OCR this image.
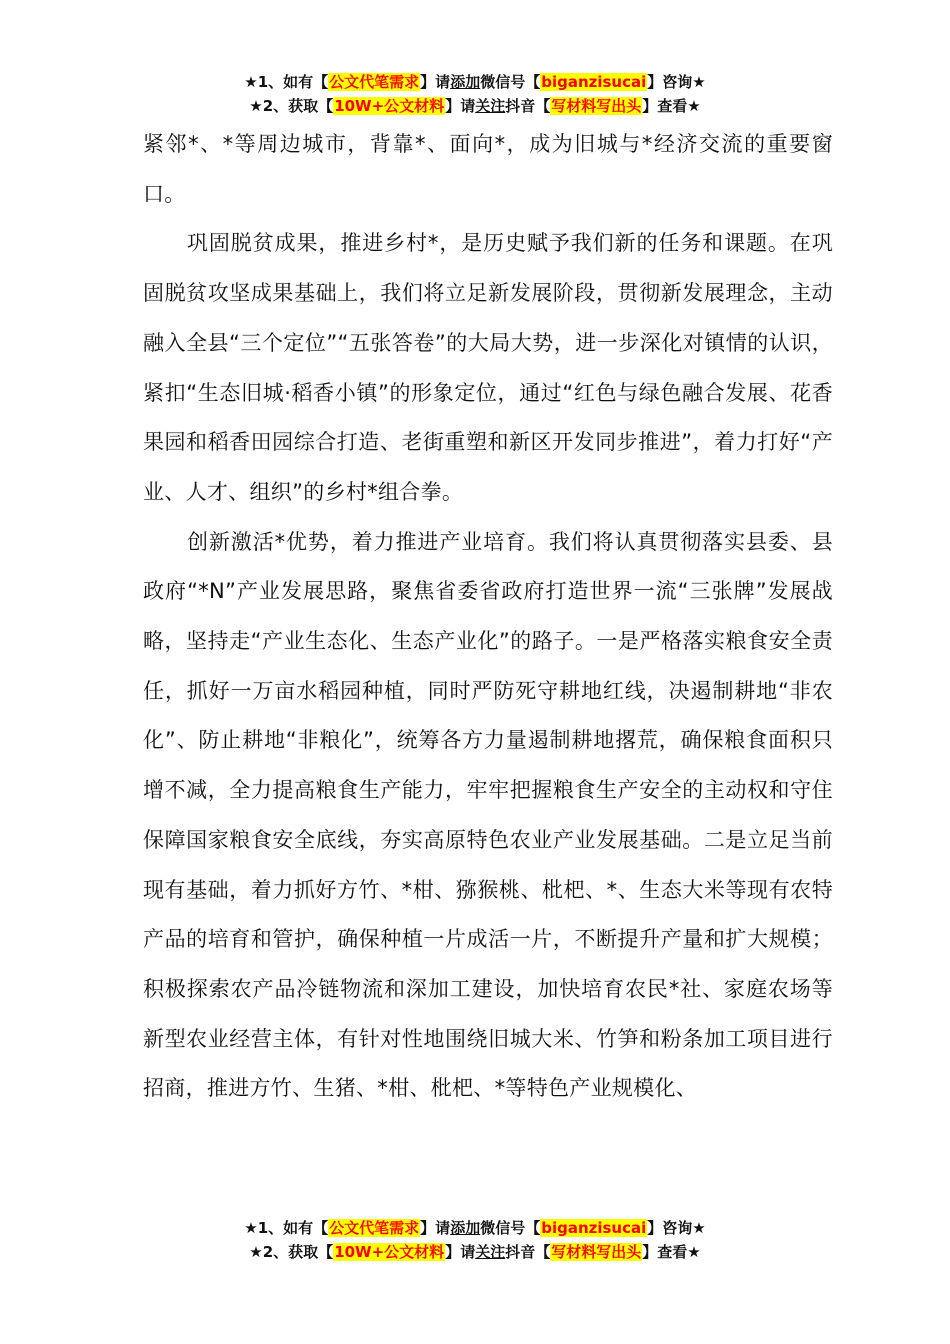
★1、如有【公文代笔需求】请添加微信号【biganzisucai】咨询★
★2、获取【10W+公文材料】请关注抖音【写材料写出头】查看★

紧邻*、*等周边城市，背靠*、面向*，成为旧城与*经济交流的重要窗口。

巩固脱贫成果，推进乡村*，是历史赋予我们新的任务和课题。在巩固脱贫攻坚成果基础上，我们将立足新发展阶段，贯彻新发展理念，主动融入全县“三个定位”“五张答卷”的大局大势，进一步深化对镇情的认识，紧扣“生态旧城·稻香小镇”的形象定位，通过“红色与绿色融合发展、花香果园和稻香田园综合打造、老街重塑和新区开发同步推进”，着力打好“产业、人才、组织”的乡村*组合拳。

创新激活*优势，着力推进产业培育。我们将认真贯彻落实县委、县政府“*N”产业发展思路，聚焦省委省政府打造世界一流“三张牌”发展战略，坚持走“产业生态化、生态产业化”的路子。一是严格落实粮食安全责任，抓好一万亩水稻园种植，同时严防死守耕地红线，决遏制耕地“非农化”、防止耕地“非粮化”，统筹各方力量遏制耕地撂荒，确保粮食面积只增不减，全力提高粮食生产能力，牢牢把握粮食生产安全的主动权和守住保障国家粮食安全底线，夯实高原特色农业产业发展基础。二是立足当前现有基础，着力抓好方竹、*柑、猕猴桃、枇杷、*、生态大米等现有农特产品的培育和管护，确保种植一片成活一片，不断提升产量和扩大规模；积极探索农产品冷链物流和深加工建设，加快培育农民*社、家庭农场等新型农业经营主体，有针对性地围绕旧城大米、竹笋和粉条加工项目进行招商，推进方竹、生猪、*柑、枇杷、*等特色产业规模化、

★1、如有【公文代笔需求】请添加微信号【biganzisucai】咨询★
★2、获取【10W+公文材料】请关注抖音【写材料写出头】查看★
